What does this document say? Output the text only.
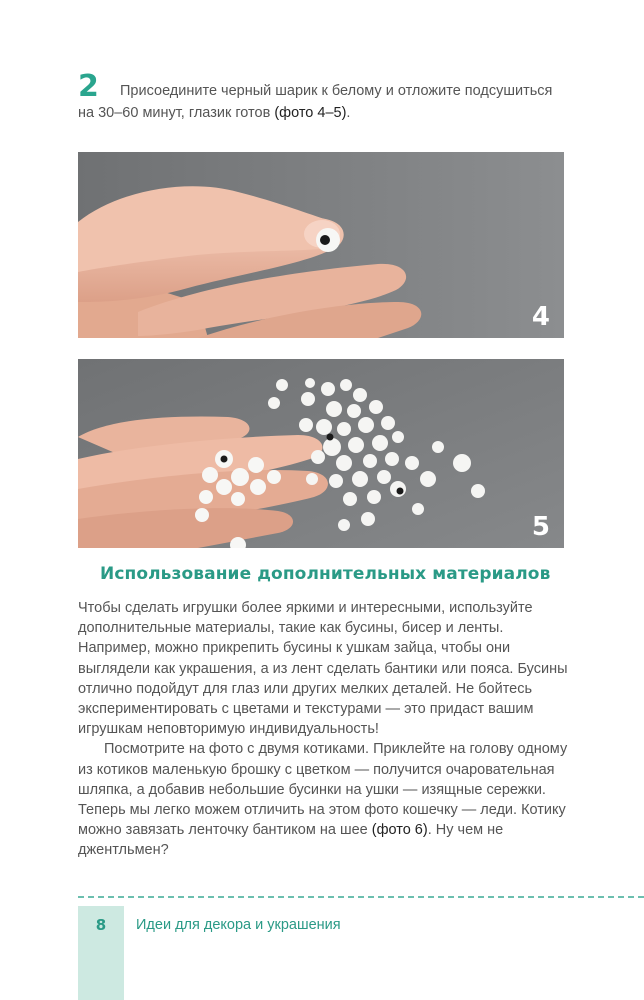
2	Присоедините черный шарик к белому и отложите подсушиться на 30–60 минут, глазик готов (фото 4–5).

4
5
Использование дополнительных материалов

Чтобы сделать игрушки более яркими и интересными, используйте дополнительные материалы, такие как бусины, бисер и ленты. Например, можно прикрепить бусины к ушкам зайца, чтобы они выглядели как украшения, а из лент сделать бантики или пояса. Бусины отлично подойдут для глаз или других мелких деталей. Не бойтесь экспериментировать с цветами и текстурами — это придаст вашим игрушкам неповторимую индивидуальность!

Посмотрите на фото с двумя котиками. Приклейте на голову одному из котиков маленькую брошку с цветком — получится очаровательная шляпка, а добавив небольшие бусинки на ушки — изящные сережки. Теперь мы легко можем отличить на этом фото кошечку — леди. Котику можно завязать ленточку бантиком на шее (фото 6). Ну чем не джентльмен?

8	Идеи для декора и украшения
